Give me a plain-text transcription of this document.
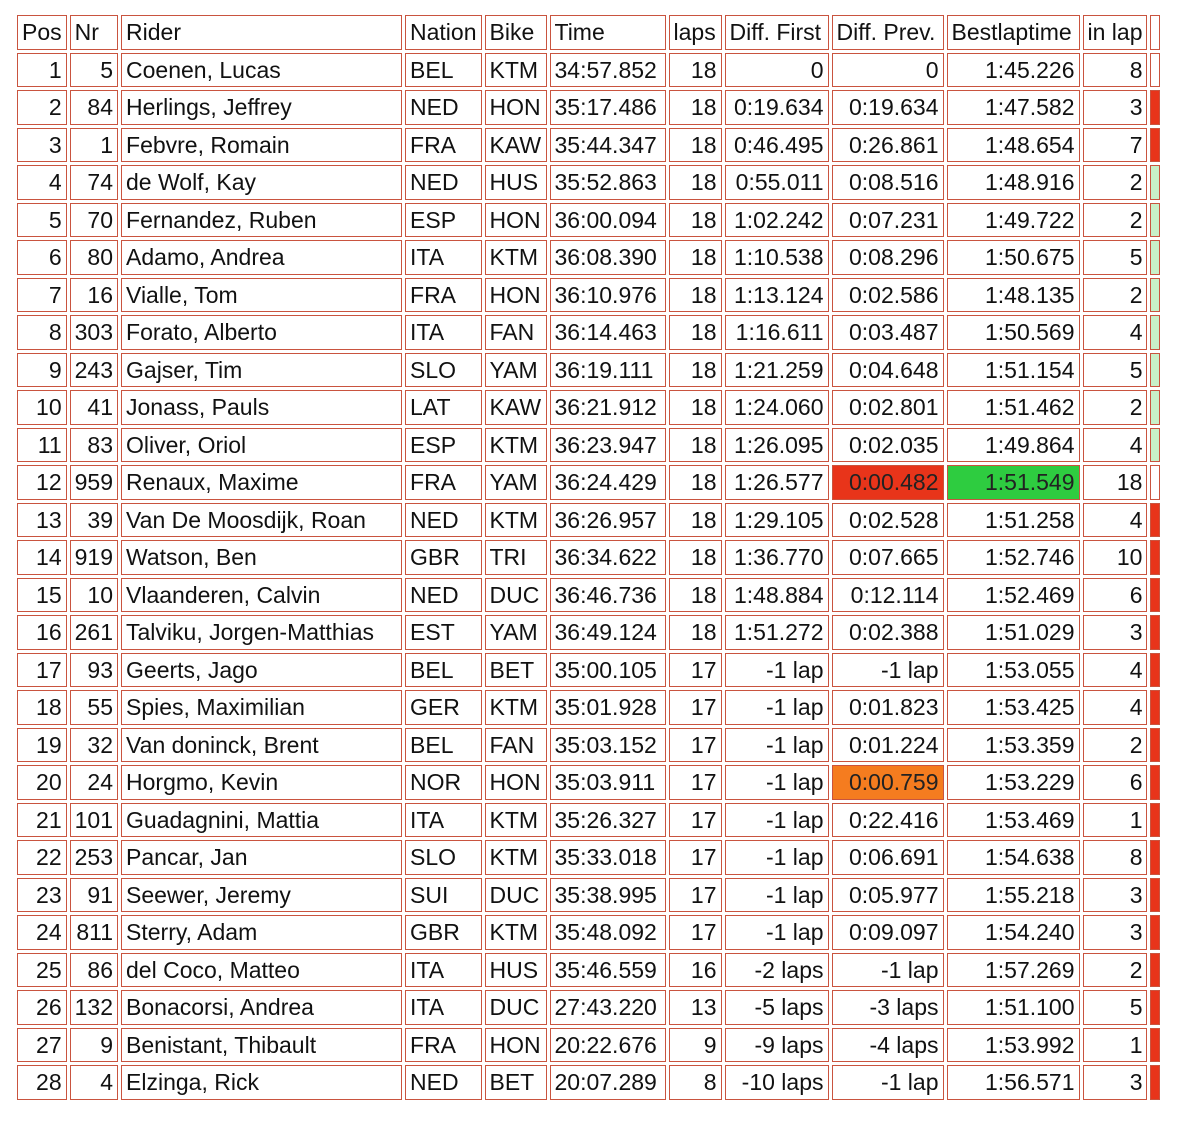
Pos	Nr	Rider	Nation	Bike	Time	laps	Diff. First	Diff. Prev.	Bestlaptime	in lap	
1	5	Coenen, Lucas	BEL	KTM	34:57.852	18	0	0	1:45.226	8	
2	84	Herlings, Jeffrey	NED	HON	35:17.486	18	0:19.634	0:19.634	1:47.582	3	
3	1	Febvre, Romain	FRA	KAW	35:44.347	18	0:46.495	0:26.861	1:48.654	7	
4	74	de Wolf, Kay	NED	HUS	35:52.863	18	0:55.011	0:08.516	1:48.916	2	
5	70	Fernandez, Ruben	ESP	HON	36:00.094	18	1:02.242	0:07.231	1:49.722	2	
6	80	Adamo, Andrea	ITA	KTM	36:08.390	18	1:10.538	0:08.296	1:50.675	5	
7	16	Vialle, Tom	FRA	HON	36:10.976	18	1:13.124	0:02.586	1:48.135	2	
8	303	Forato, Alberto	ITA	FAN	36:14.463	18	1:16.611	0:03.487	1:50.569	4	
9	243	Gajser, Tim	SLO	YAM	36:19.111	18	1:21.259	0:04.648	1:51.154	5	
10	41	Jonass, Pauls	LAT	KAW	36:21.912	18	1:24.060	0:02.801	1:51.462	2	
11	83	Oliver, Oriol	ESP	KTM	36:23.947	18	1:26.095	0:02.035	1:49.864	4	
12	959	Renaux, Maxime	FRA	YAM	36:24.429	18	1:26.577	0:00.482	1:51.549	18	
13	39	Van De Moosdijk, Roan	NED	KTM	36:26.957	18	1:29.105	0:02.528	1:51.258	4	
14	919	Watson, Ben	GBR	TRI	36:34.622	18	1:36.770	0:07.665	1:52.746	10	
15	10	Vlaanderen, Calvin	NED	DUC	36:46.736	18	1:48.884	0:12.114	1:52.469	6	
16	261	Talviku, Jorgen-Matthias	EST	YAM	36:49.124	18	1:51.272	0:02.388	1:51.029	3	
17	93	Geerts, Jago	BEL	BET	35:00.105	17	-1 lap	-1 lap	1:53.055	4	
18	55	Spies, Maximilian	GER	KTM	35:01.928	17	-1 lap	0:01.823	1:53.425	4	
19	32	Van doninck, Brent	BEL	FAN	35:03.152	17	-1 lap	0:01.224	1:53.359	2	
20	24	Horgmo, Kevin	NOR	HON	35:03.911	17	-1 lap	0:00.759	1:53.229	6	
21	101	Guadagnini, Mattia	ITA	KTM	35:26.327	17	-1 lap	0:22.416	1:53.469	1	
22	253	Pancar, Jan	SLO	KTM	35:33.018	17	-1 lap	0:06.691	1:54.638	8	
23	91	Seewer, Jeremy	SUI	DUC	35:38.995	17	-1 lap	0:05.977	1:55.218	3	
24	811	Sterry, Adam	GBR	KTM	35:48.092	17	-1 lap	0:09.097	1:54.240	3	
25	86	del Coco, Matteo	ITA	HUS	35:46.559	16	-2 laps	-1 lap	1:57.269	2	
26	132	Bonacorsi, Andrea	ITA	DUC	27:43.220	13	-5 laps	-3 laps	1:51.100	5	
27	9	Benistant, Thibault	FRA	HON	20:22.676	9	-9 laps	-4 laps	1:53.992	1	
28	4	Elzinga, Rick	NED	BET	20:07.289	8	-10 laps	-1 lap	1:56.571	3	
